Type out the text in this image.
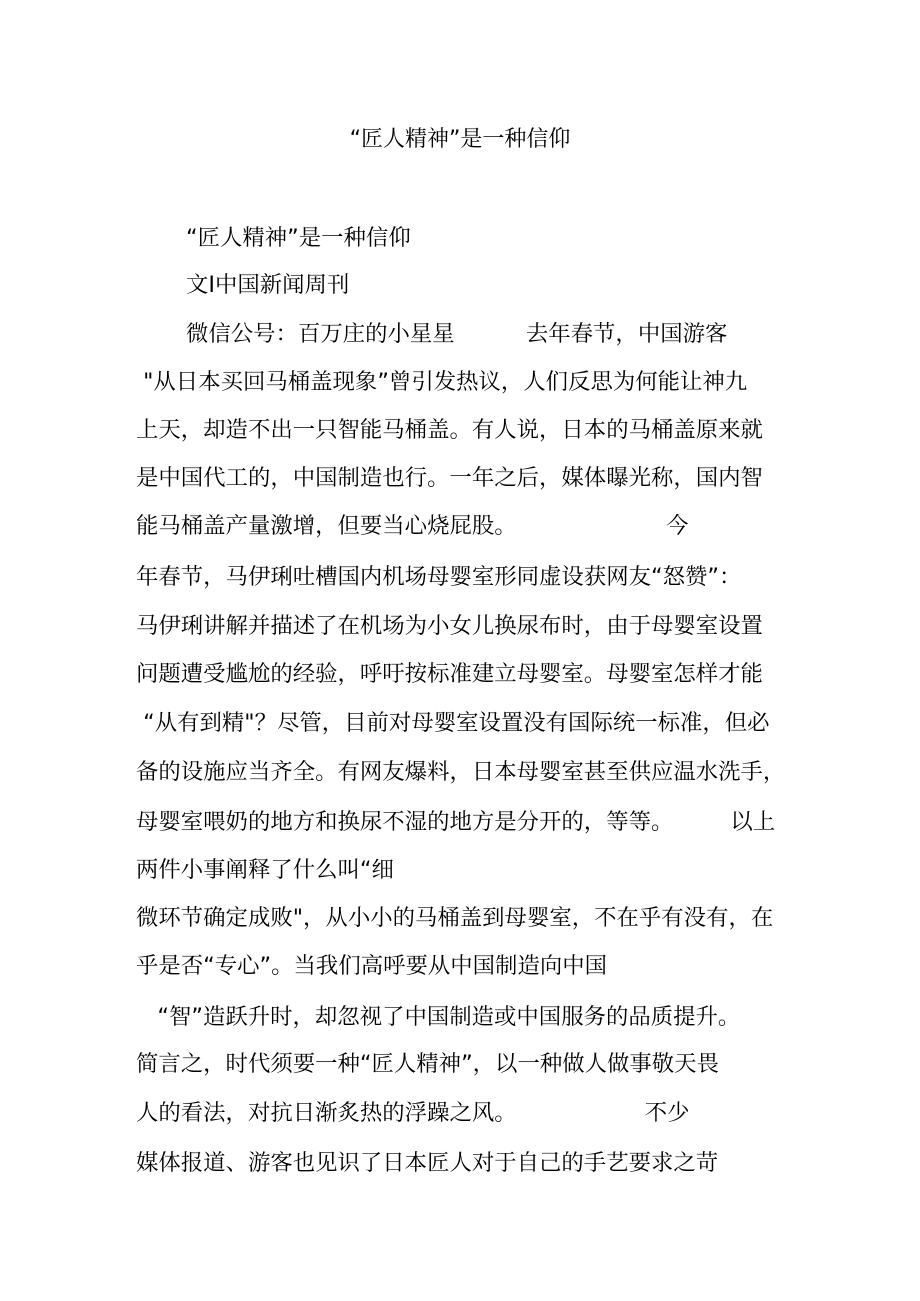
“匠人精神”是一种信仰
“匠人精神”是一种信仰
文I中国新闻周刊
微信公号：百万庄的小星星          去年春节，中国游客
"从日本买回马桶盖现象”曾引发热议，人们反思为何能让神九
上天，却造不出一只智能马桶盖。有人说，日本的马桶盖原来就
是中国代工的，中国制造也行。一年之后，媒体曝光称，国内智
能马桶盖产量激增，但要当心烧屁股。                     今
年春节，马伊琍吐槽国内机场母婴室形同虚设获网友“怒赞”：
马伊琍讲解并描述了在机场为小女儿换尿布时，由于母婴室设置
问题遭受尴尬的经验，呼吁按标准建立母婴室。母婴室怎样才能
“从有到精"？尽管，目前对母婴室设置没有国际统一标准，但必
备的设施应当齐全。有网友爆料，日本母婴室甚至供应温水洗手，
母婴室喂奶的地方和换尿不湿的地方是分开的，等等。        以上
两件小事阐释了什么叫“细
微环节确定成败"，从小小的马桶盖到母婴室，不在乎有没有，在
乎是否“专心”。当我们高呼要从中国制造向中国
“智”造跃升时，却忽视了中国制造或中国服务的品质提升。
简言之，时代须要一种“匠人精神”，以一种做人做事敬天畏
人的看法，对抗日渐炙热的浮躁之风。                  不少
媒体报道、游客也见识了日本匠人对于自己的手艺要求之苛
